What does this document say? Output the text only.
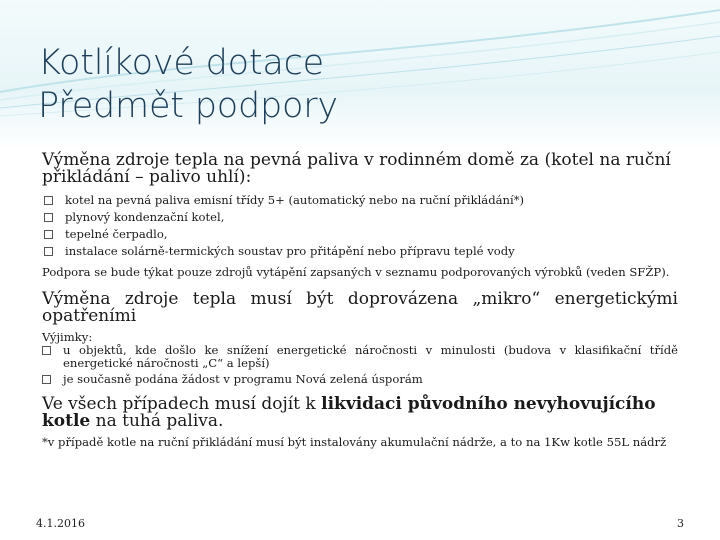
Kotlíkové dotace
Předmět podpory
Výměna zdroje tepla na pevná paliva v rodinném domě za (kotel na ruční přikládání – palivo uhlí):
kotel na pevná paliva emisní třídy 5+ (automatický nebo na ruční přikládání*)
plynový kondenzační kotel,
tepelné čerpadlo,
instalace solárně-termických soustav pro přitápění nebo přípravu teplé vody
Podpora se bude týkat pouze zdrojů vytápění zapsaných v seznamu podporovaných výrobků (veden SFŽP).
Výměna zdroje tepla musí být doprovázena „mikro“ energetickými opatřeními
Výjimky:
u objektů, kde došlo ke snížení energetické náročnosti v minulosti (budova v klasifikační třídě energetické náročnosti „C“ a lepší)
je současně podána žádost v programu Nová zelená úsporám
Ve všech případech musí dojít k likvidaci původního nevyhovujícího kotle na tuhá paliva.
*v případě kotle na ruční přikládání musí být instalovány akumulační nádrže, a to na 1Kw kotle 55L nádrž
4.1.2016	3
